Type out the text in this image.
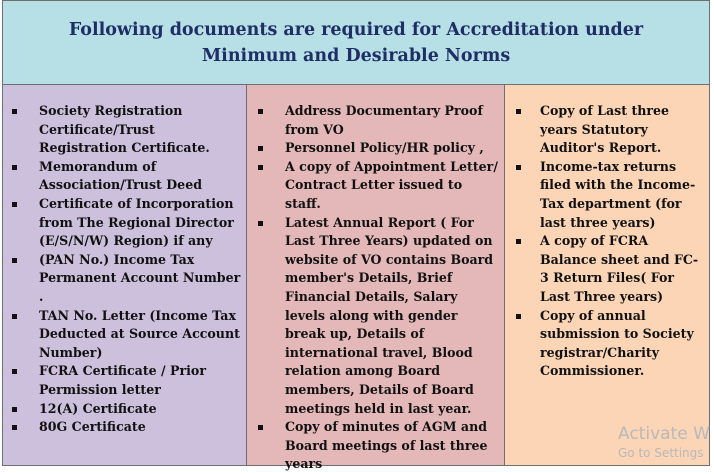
Following documents are required for Accreditation under Minimum and Desirable Norms
Society Registration Certificate/Trust Registration Certificate.
Memorandum of Association/Trust Deed
Certificate of Incorporation from The Regional Director (E/S/N/W) Region) if any
(PAN No.) Income Tax Permanent Account Number .
TAN No. Letter (Income Tax Deducted at Source Account Number)
FCRA Certificate / Prior Permission letter
12(A) Certificate
80G Certificate
Address Documentary Proof from VO
Personnel Policy/HR policy ,
A copy of Appointment Letter/ Contract Letter issued to staff.
Latest Annual Report ( For Last Three Years) updated on website of VO contains Board member's Details, Brief Financial Details, Salary levels along with gender break up, Details of international travel, Blood relation among Board members, Details of Board meetings held in last year.
Copy of minutes of AGM and Board meetings of last three years
Copy of Last three years Statutory Auditor's Report.
Income-tax returns filed with the Income-Tax department (for last three years)
A copy of FCRA Balance sheet and FC-3 Return Files( For Last Three years)
Copy of annual submission to Society registrar/Charity Commissioner.
Activate W
Go to Settings
